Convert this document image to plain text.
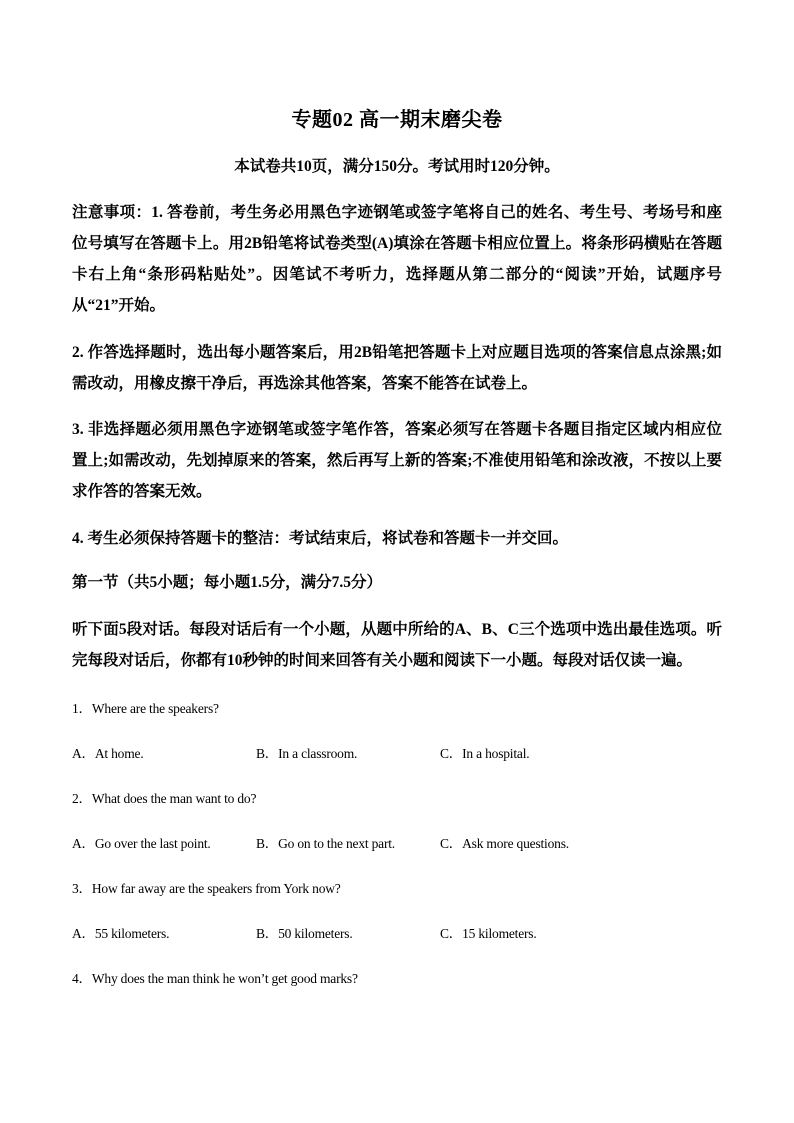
专题02 高一期末磨尖卷
本试卷共10页，满分150分。考试用时120分钟。
注意事项：1. 答卷前，考生务必用黑色字迹钢笔或签字笔将自己的姓名、考生号、考场号和座位号填写在答题卡上。用2B铅笔将试卷类型(A)填涂在答题卡相应位置上。将条形码横贴在答题卡右上角“条形码粘贴处”。因笔试不考听力，选择题从第二部分的“阅读”开始，试题序号从“21”开始。
2. 作答选择题时，选出每小题答案后，用2B铅笔把答题卡上对应题目选项的答案信息点涂黑;如需改动，用橡皮擦干净后，再选涂其他答案，答案不能答在试卷上。
3. 非选择题必须用黑色字迹钢笔或签字笔作答，答案必须写在答题卡各题目指定区域内相应位置上;如需改动，先划掉原来的答案，然后再写上新的答案;不准使用铅笔和涂改液，不按以上要求作答的答案无效。
4. 考生必须保持答题卡的整洁：考试结束后，将试卷和答题卡一并交回。
第一节（共5小题；每小题1.5分，满分7.5分）
听下面5段对话。每段对话后有一个小题，从题中所给的A、B、C三个选项中选出最佳选项。听完每段对话后，你都有10秒钟的时间来回答有关小题和阅读下一小题。每段对话仅读一遍。
1．Where are the speakers?
A．At home.	B．In a classroom.	C．In a hospital.
2．What does the man want to do?
A．Go over the last point.	B．Go on to the next part.	C．Ask more questions.
3．How far away are the speakers from York now?
A．55 kilometers.	B．50 kilometers.	C．15 kilometers.
4．Why does the man think he won’t get good marks?
